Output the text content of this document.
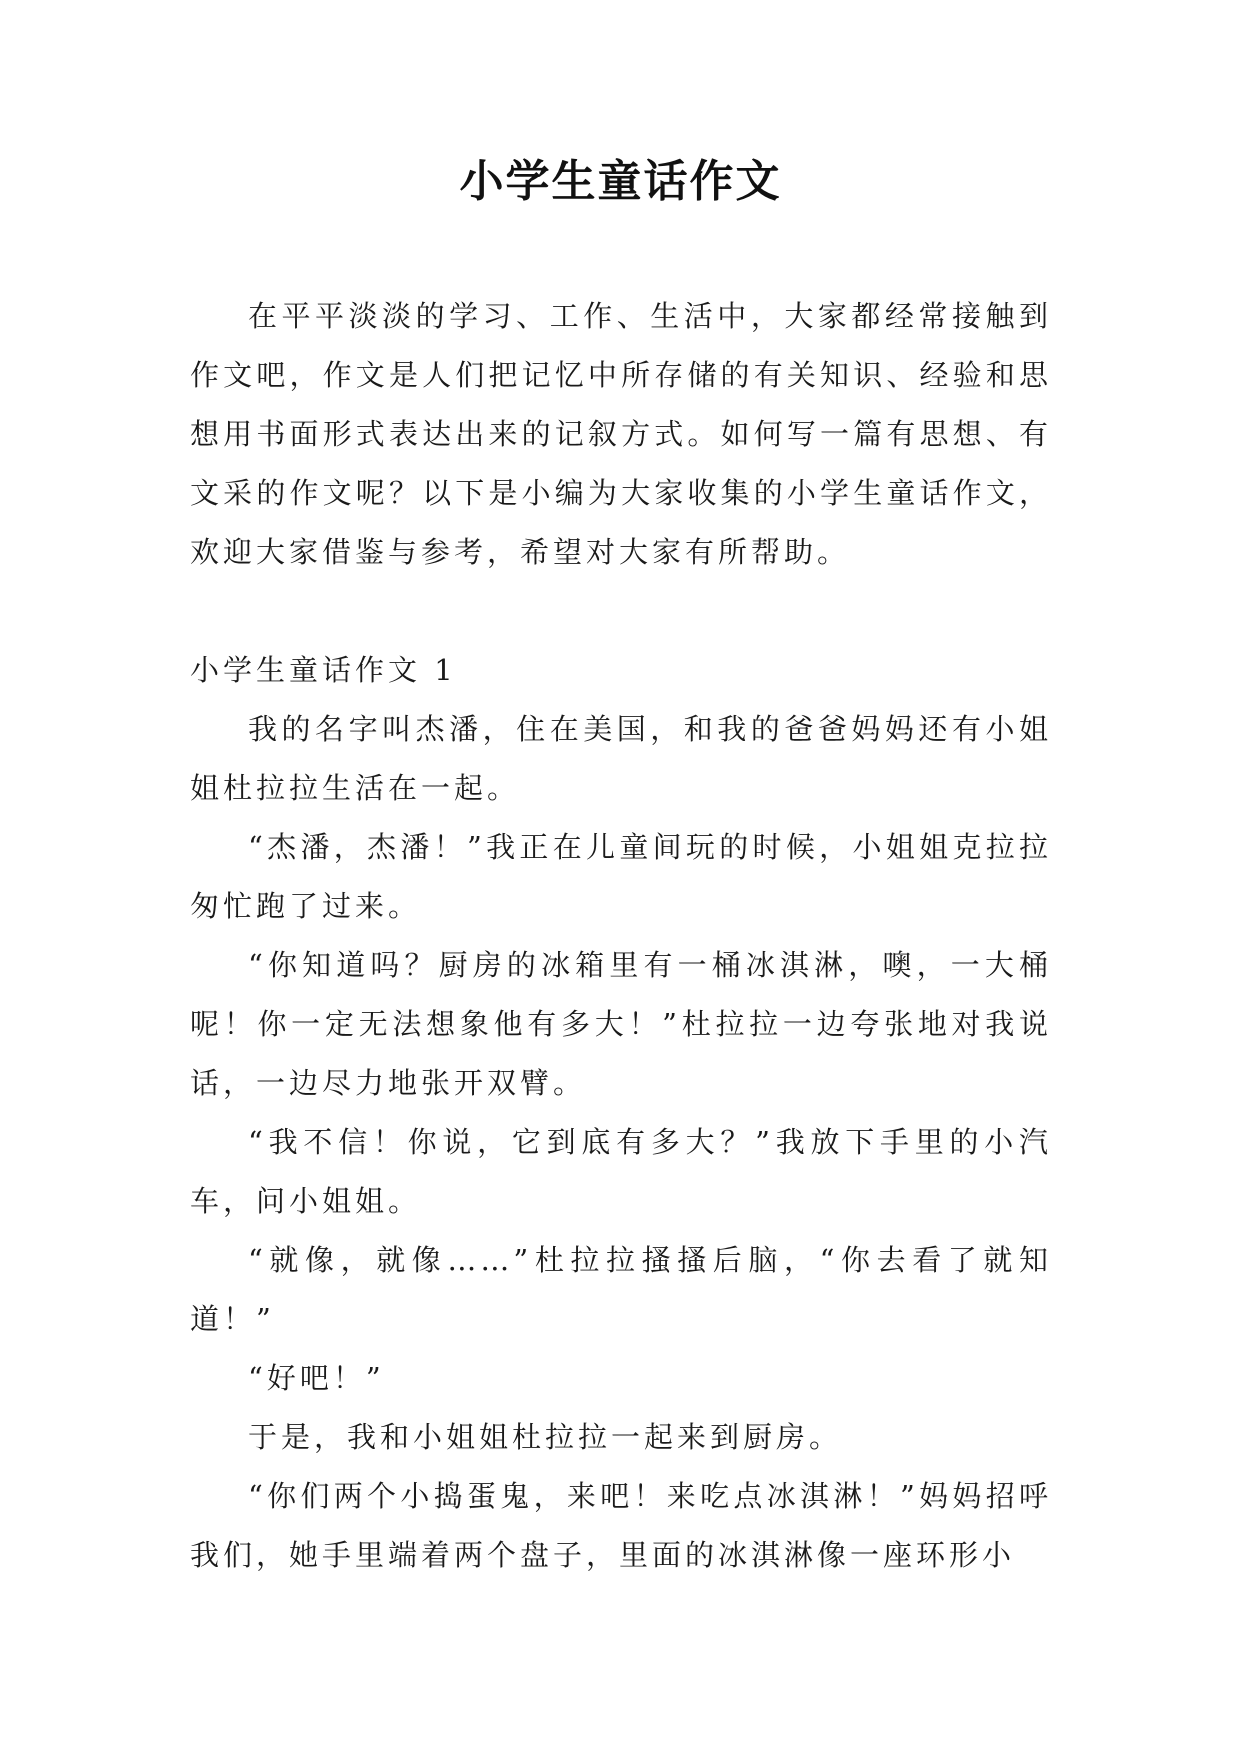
小学生童话作文

在平平淡淡的学习、工作、生活中，大家都经常接触到作文吧，作文是人们把记忆中所存储的有关知识、经验和思想用书面形式表达出来的记叙方式。如何写一篇有思想、有文采的作文呢？以下是小编为大家收集的小学生童话作文，欢迎大家借鉴与参考，希望对大家有所帮助。

小学生童话作文 1

我的名字叫杰潘，住在美国，和我的爸爸妈妈还有小姐姐杜拉拉生活在一起。

“杰潘，杰潘！”我正在儿童间玩的时候，小姐姐克拉拉匆忙跑了过来。

“你知道吗？厨房的冰箱里有一桶冰淇淋，噢，一大桶呢！你一定无法想象他有多大！”杜拉拉一边夸张地对我说话，一边尽力地张开双臂。

“我不信！你说，它到底有多大？”我放下手里的小汽车，问小姐姐。

“就像，就像……”杜拉拉搔搔后脑，“你去看了就知道！”

“好吧！”

于是，我和小姐姐杜拉拉一起来到厨房。

“你们两个小捣蛋鬼，来吧！来吃点冰淇淋！”妈妈招呼我们，她手里端着两个盘子，里面的冰淇淋像一座环形小
